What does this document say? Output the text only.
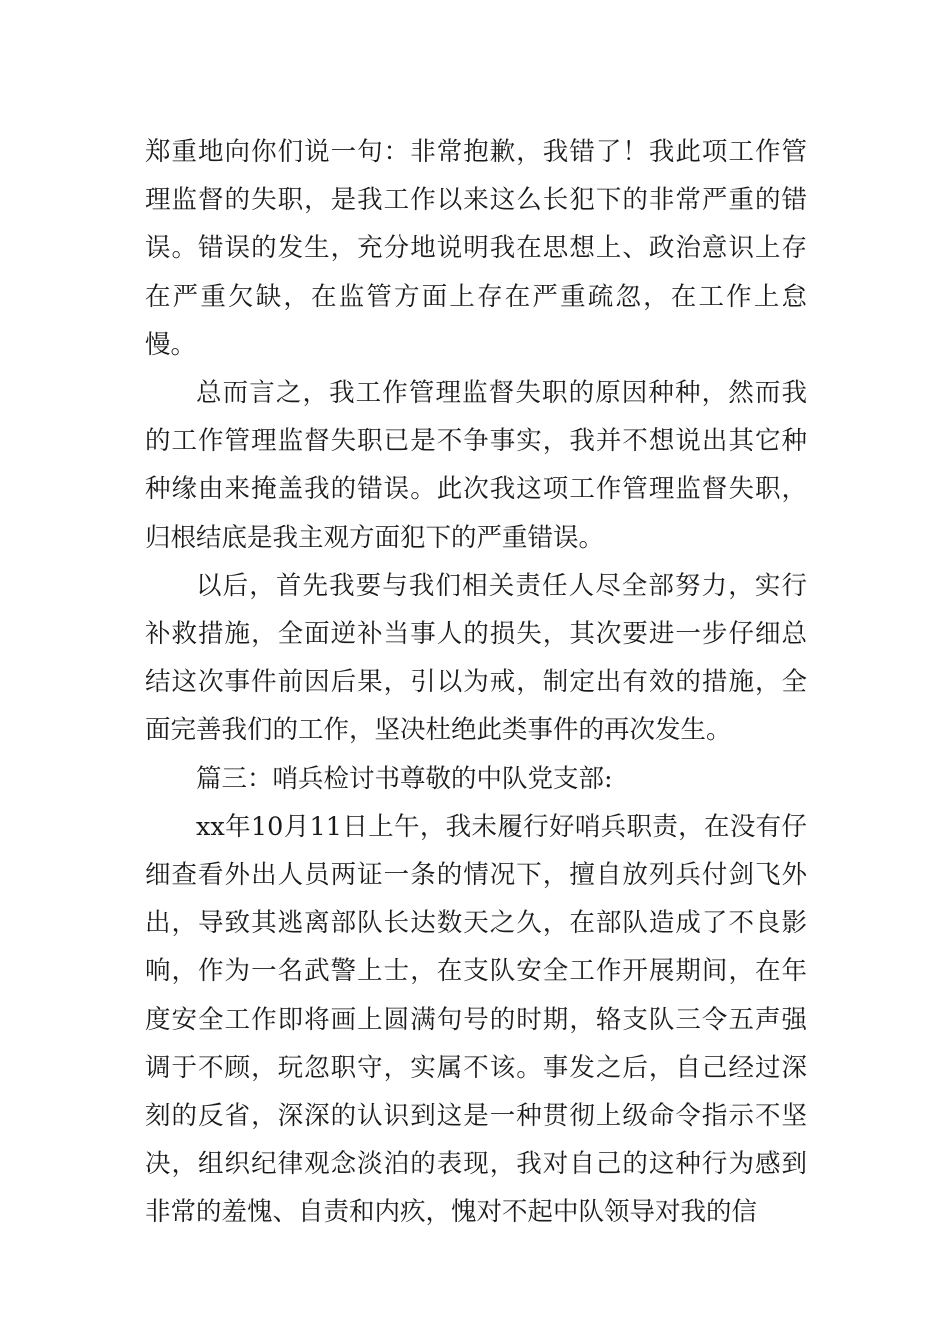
郑重地向你们说一句：非常抱歉，我错了！我此项工作管理监督的失职，是我工作以来这么长犯下的非常严重的错误。错误的发生，充分地说明我在思想上、政治意识上存在严重欠缺，在监管方面上存在严重疏忽，在工作上怠慢。

总而言之，我工作管理监督失职的原因种种，然而我的工作管理监督失职已是不争事实，我并不想说出其它种种缘由来掩盖我的错误。此次我这项工作管理监督失职，归根结底是我主观方面犯下的严重错误。

以后，首先我要与我们相关责任人尽全部努力，实行补救措施，全面逆补当事人的损失，其次要进一步仔细总结这次事件前因后果，引以为戒，制定出有效的措施，全面完善我们的工作，坚决杜绝此类事件的再次发生。

篇三：哨兵检讨书尊敬的中队党支部:

xx年10月11日上午，我未履行好哨兵职责，在没有仔细查看外出人员两证一条的情况下，擅自放列兵付剑飞外出，导致其逃离部队长达数天之久，在部队造成了不良影响，作为一名武警上士，在支队安全工作开展期间，在年度安全工作即将画上圆满句号的时期，辂支队三令五声强调于不顾，玩忽职守，实属不该。事发之后，自己经过深刻的反省，深深的认识到这是一种贯彻上级命令指示不坚决，组织纪律观念淡泊的表现，我对自己的这种行为感到非常的羞愧、自责和内疚，愧对不起中队领导对我的信
